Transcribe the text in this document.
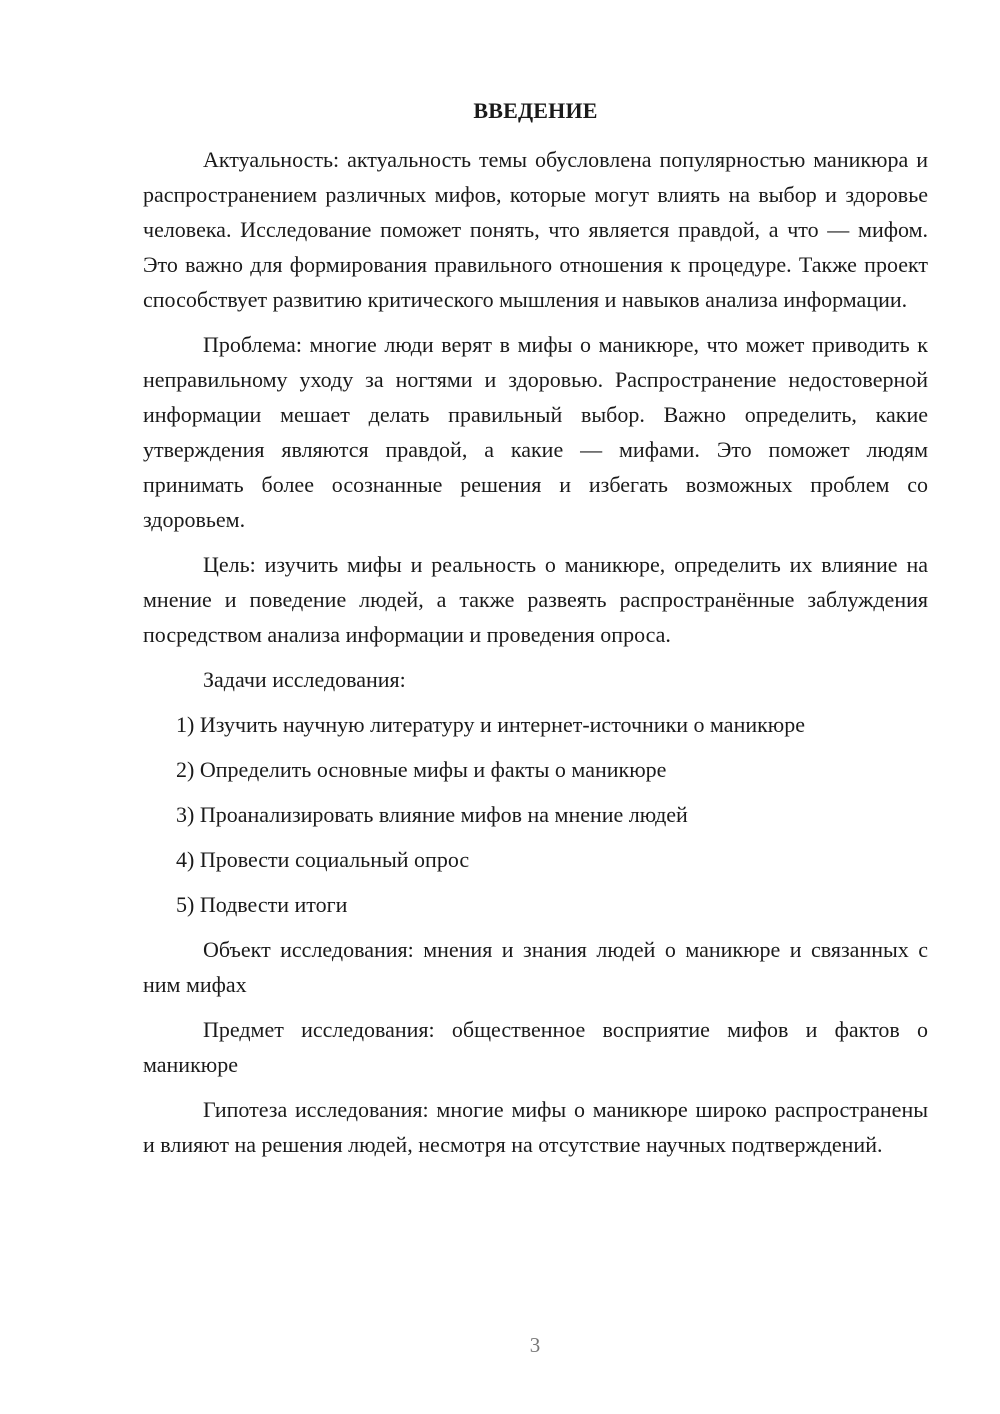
ВВЕДЕНИЕ

Актуальность: актуальность темы обусловлена популярностью маникюра и распространением различных мифов, которые могут влиять на выбор и здоровье человека. Исследование поможет понять, что является правдой, а что — мифом. Это важно для формирования правильного отношения к процедуре. Также проект способствует развитию критического мышления и навыков анализа информации.

Проблема: многие люди верят в мифы о маникюре, что может приводить к неправильному уходу за ногтями и здоровью. Распространение недостоверной информации мешает делать правильный выбор. Важно определить, какие утверждения являются правдой, а какие — мифами. Это поможет людям принимать более осознанные решения и избегать возможных проблем со здоровьем.

Цель: изучить мифы и реальность о маникюре, определить их влияние на мнение и поведение людей, а также развеять распространённые заблуждения посредством анализа информации и проведения опроса.

Задачи исследования:

1) Изучить научную литературу и интернет-источники о маникюре
2) Определить основные мифы и факты о маникюре
3) Проанализировать влияние мифов на мнение людей
4) Провести социальный опрос
5) Подвести итоги

Объект исследования: мнения и знания людей о маникюре и связанных с ним мифах

Предмет исследования: общественное восприятие мифов и фактов о маникюре

Гипотеза исследования: многие мифы о маникюре широко распространены и влияют на решения людей, несмотря на отсутствие научных подтверждений.

3
